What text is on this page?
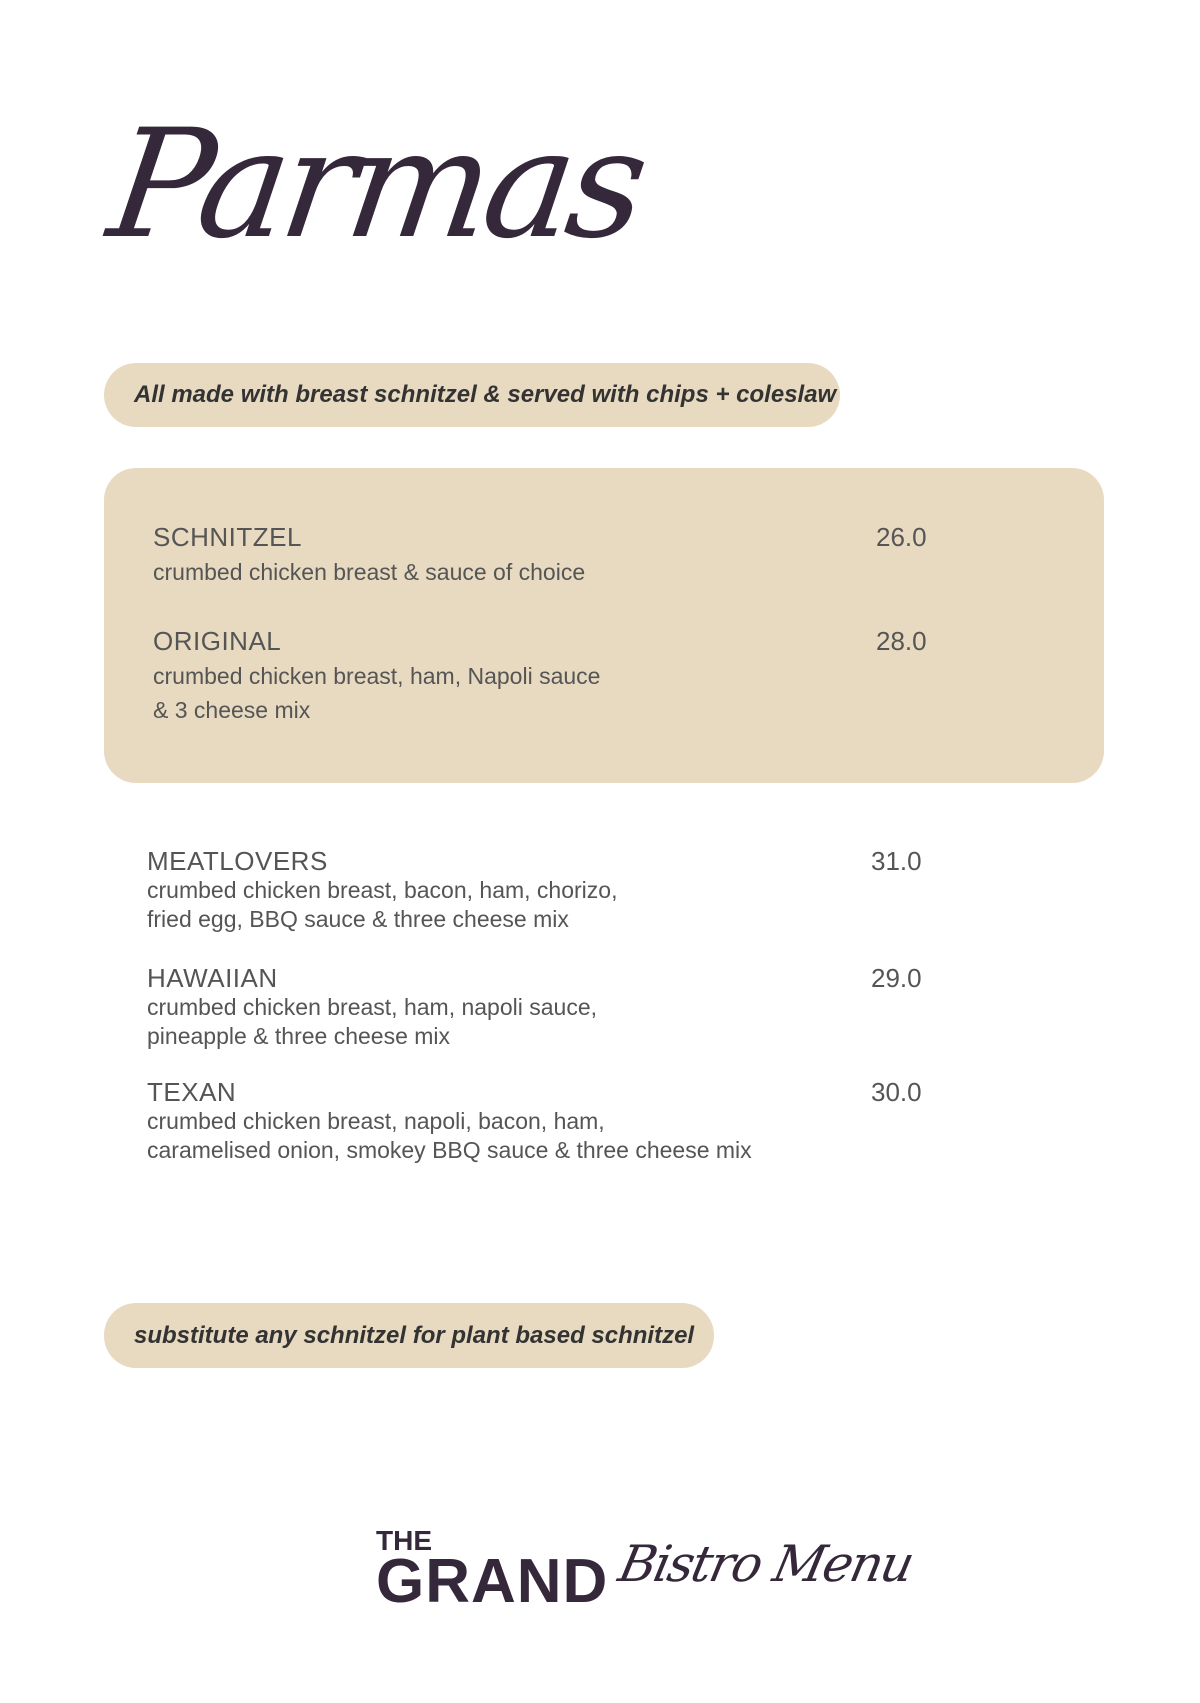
Parmas
All made with breast schnitzel & served with chips + coleslaw
SCHNITZEL
crumbed chicken breast & sauce of choice
26.0
ORIGINAL
crumbed chicken breast, ham, Napoli sauce
& 3 cheese mix
28.0
MEATLOVERS
crumbed chicken breast, bacon, ham, chorizo,
fried egg, BBQ sauce & three cheese mix
31.0
HAWAIIAN
crumbed chicken breast, ham, napoli sauce,
pineapple & three cheese mix
29.0
TEXAN
crumbed chicken breast, napoli, bacon, ham,
caramelised onion, smokey BBQ sauce & three cheese mix
30.0
substitute any schnitzel for plant based schnitzel
THE
GRAND Bistro Menu
